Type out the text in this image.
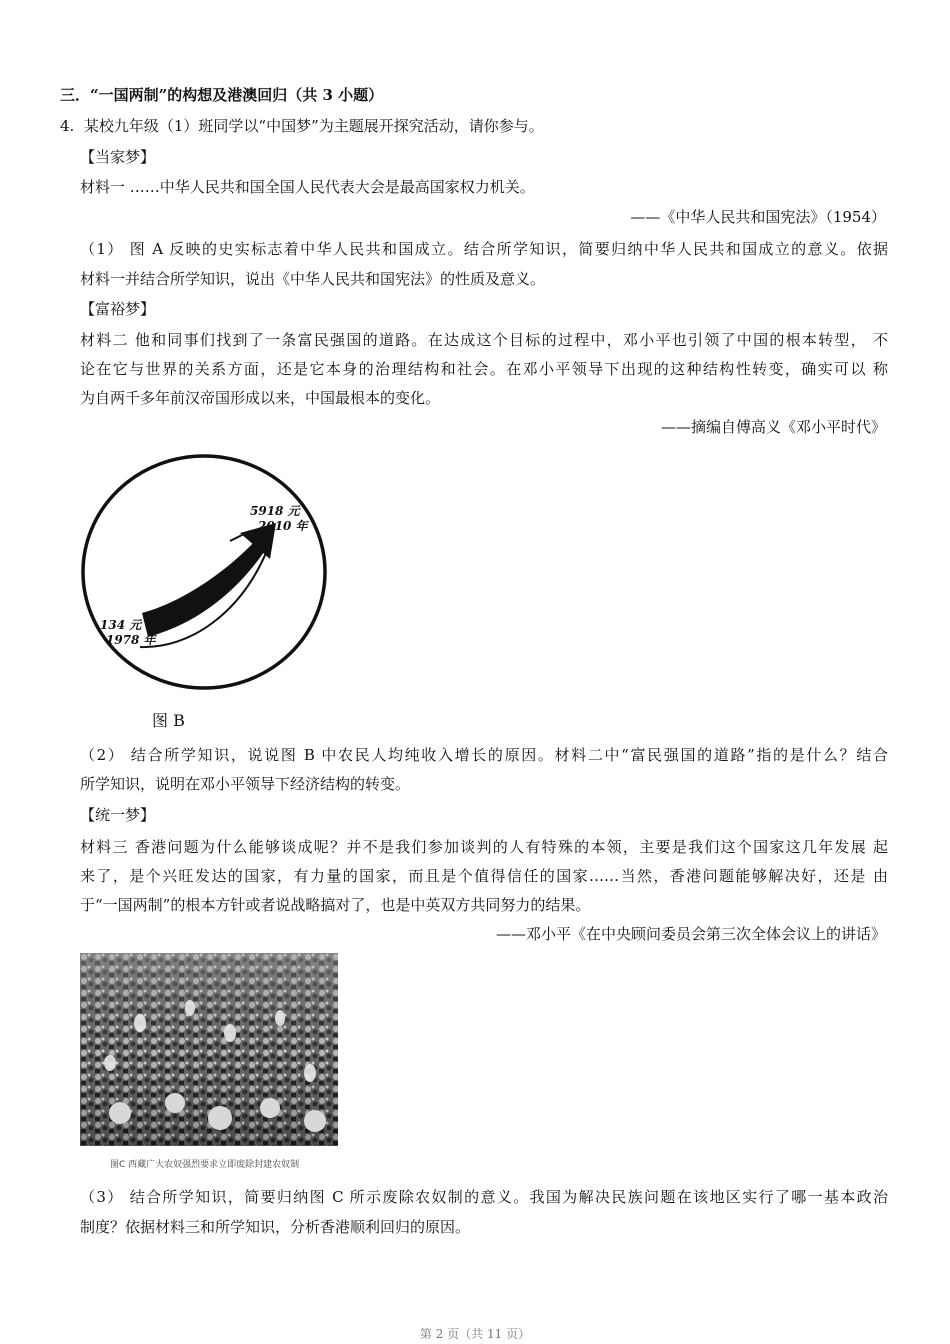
三．“一国两制”的构想及港澳回归（共 3 小题）
4. 某校九年级（1）班同学以“中国梦”为主题展开探究活动，请你参与。
【当家梦】
材料一 ……中华人民共和国全国人民代表大会是最高国家权力机关。
——《中华人民共和国宪法》（1954）
（1） 图 A 反映的史实标志着中华人民共和国成立。结合所学知识，简要归纳中华人民共和国成立的意义。依据
材料一并结合所学知识，说出《中华人民共和国宪法》的性质及意义。
【富裕梦】
材料二 他和同事们找到了一条富民强国的道路。在达成这个目标的过程中，邓小平也引领了中国的根本转型， 不
论在它与世界的关系方面，还是它本身的治理结构和社会。在邓小平领导下出现的这种结构性转变，确实可以 称
为自两千多年前汉帝国形成以来，中国最根本的变化。
——摘编自傅高义《邓小平时代》
5918 元
2010 年
134 元
1978 年
图 B
（2） 结合所学知识，说说图 B 中农民人均纯收入增长的原因。材料二中“富民强国的道路”指的是什么？结合
所学知识，说明在邓小平领导下经济结构的转变。
【统一梦】
材料三 香港问题为什么能够谈成呢？并不是我们参加谈判的人有特殊的本领，主要是我们这个国家这几年发展 起
来了，是个兴旺发达的国家，有力量的国家，而且是个值得信任的国家……当然，香港问题能够解决好，还是 由
于“一国两制”的根本方针或者说战略搞对了，也是中英双方共同努力的结果。
——邓小平《在中央顾问委员会第三次全体会议上的讲话》
图C 西藏广大农奴强烈要求立即废除封建农奴制
（3） 结合所学知识，简要归纳图 C 所示废除农奴制的意义。我国为解决民族问题在该地区实行了哪一基本政治
制度？依据材料三和所学知识，分析香港顺利回归的原因。
第 2 页（共 11 页）
